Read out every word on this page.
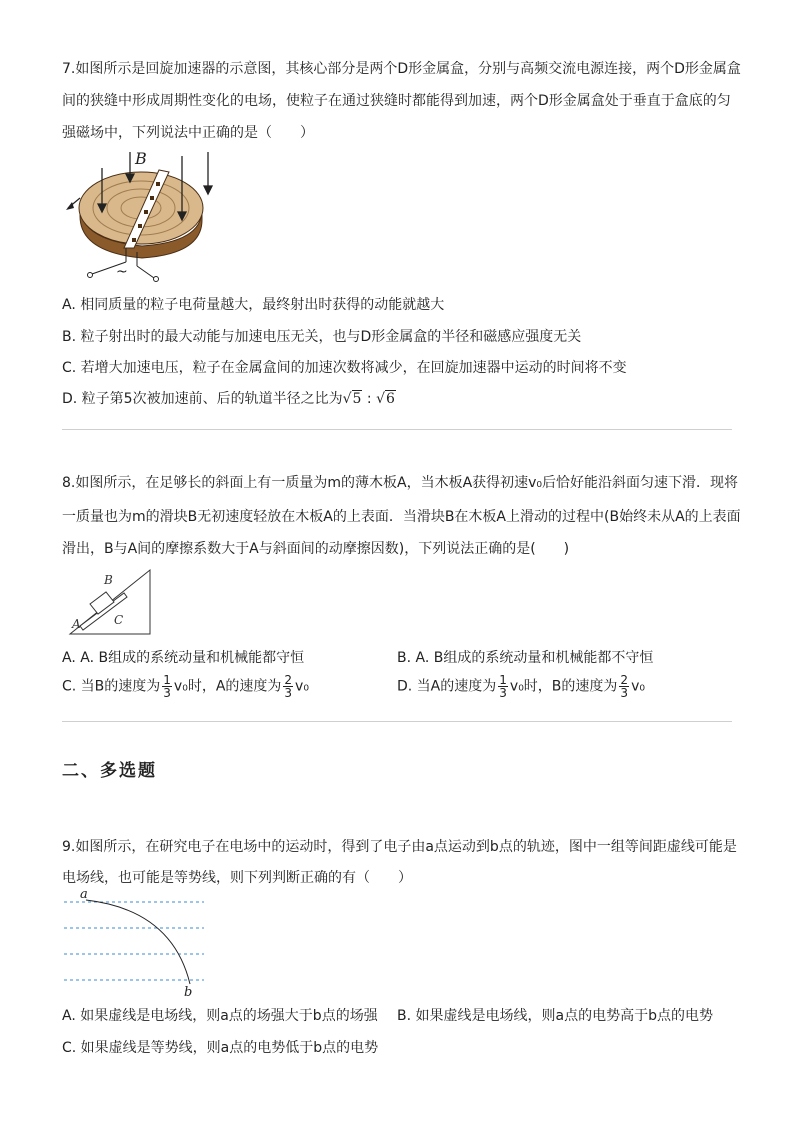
7.如图所示是回旋加速器的示意图，其核心部分是两个D形金属盒，分别与高频交流电源连接，两个D形金属盒
间的狭缝中形成周期性变化的电场，使粒子在通过狭缝时都能得到加速，两个D形金属盒处于垂直于盒底的匀
强磁场中，下列说法中正确的是（　　）
B
~
A. 相同质量的粒子电荷量越大，最终射出时获得的动能就越大
B. 粒子射出时的最大动能与加速电压无关，也与D形金属盒的半径和磁感应强度无关
C. 若增大加速电压，粒子在金属盒间的加速次数将减少，在回旋加速器中运动的时间将不变
D. 粒子第5次被加速前、后的轨道半径之比为√5 : √6
8.如图所示，在足够长的斜面上有一质量为m的薄木板A，当木板A获得初速v₀后恰好能沿斜面匀速下滑．现将
一质量也为m的滑块B无初速度轻放在木板A的上表面．当滑块B在木板A上滑动的过程中(B始终未从A的上表面
滑出，B与A间的摩擦系数大于A与斜面间的动摩擦因数)，下列说法正确的是(　　)
B
A	C
A. A. B组成的系统动量和机械能都守恒	B. A. B组成的系统动量和机械能都不守恒
C. 当B的速度为 $\frac{1}{3} v_0$时，A的速度为 $\frac{2}{3} v_0$	D. 当A的速度为 $\frac{1}{3} v_0$时，B的速度为 $\frac{2}{3} v_0$
二、多选题
9.如图所示，在研究电子在电场中的运动时，得到了电子由a点运动到b点的轨迹，图中一组等间距虚线可能是
电场线，也可能是等势线，则下列判断正确的有（　　）
a
b
A. 如果虚线是电场线，则a点的场强大于b点的场强 B. 如果虚线是电场线，则a点的电势高于b点的电势
C. 如果虚线是等势线，则a点的电势低于b点的电势
